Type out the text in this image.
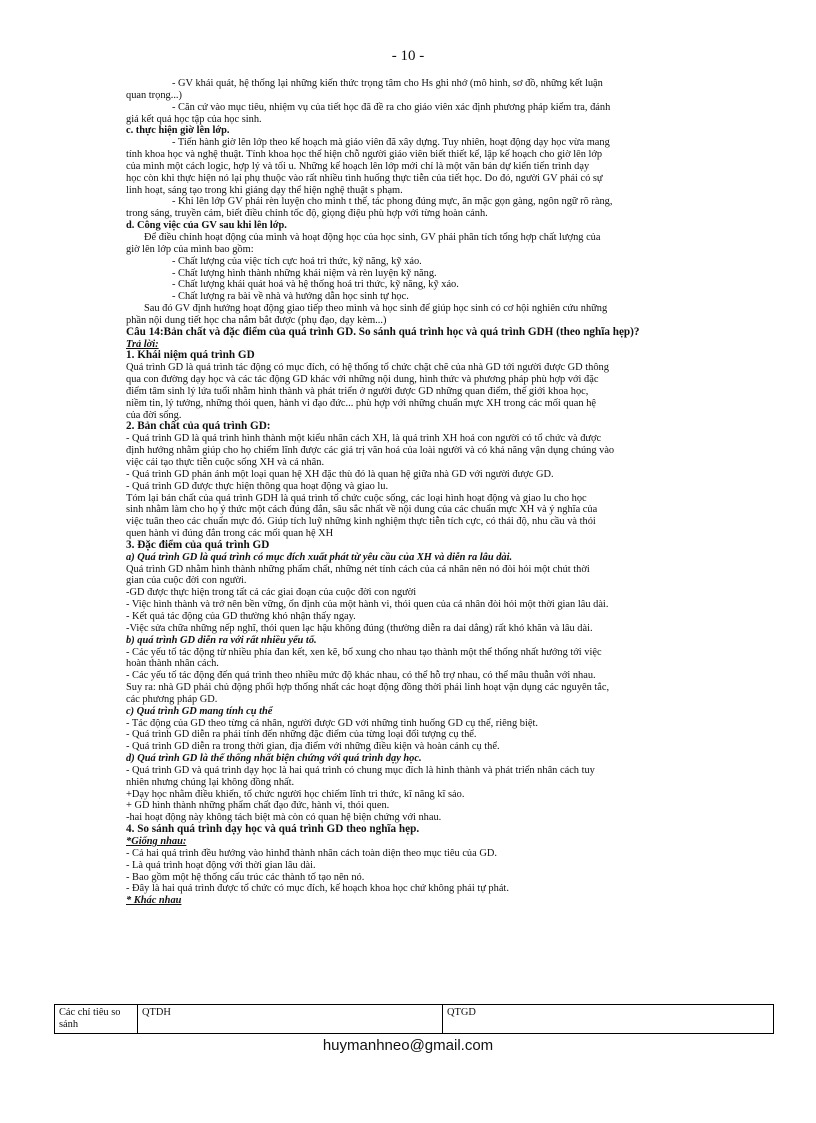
- 10 -

- GV khái quát, hệ thống lại những kiến thức trọng tâm cho Hs ghi nhớ (mô hình, sơ đồ, những kết luận

quan trọng...)

- Căn cứ vào mục tiêu, nhiệm vụ của tiết học đã đề ra cho giáo viên xác định phương pháp kiểm tra, đánh

giá kết quả học tập của học sinh.

c. thực hiện giờ lên lớp.

- Tiến hành giờ lên lớp theo kế hoạch mà giáo viên đã xây dựng. Tuy nhiên, hoạt động dạy học vừa mang

tính khoa học và nghệ thuật. Tính khoa học thể hiện chỗ người giáo viên biết thiết kế, lập kế hoạch cho giờ lên lớp

của mình một cách logic, hợp lý và tối u. Những kế hoạch lên lớp mới chỉ là một văn bản dự kiến tiến trình dạy

học còn khi thực hiện nó lại phụ thuộc vào rất nhiều tình huống thực tiễn của tiết học. Do đó, người GV phải có sự

linh hoạt, sáng tạo trong khi giảng dạy thể hiện nghệ thuật s phạm.

- Khi lên lớp GV phải rèn luyện cho mình t thế, tác phong đúng mực, ăn mặc gọn gàng, ngôn ngữ rõ ràng,

trong sáng, truyền cảm, biết điều chỉnh tốc độ, giọng điệu phù hợp với từng hoàn cảnh.

d. Công việc của GV sau khi lên lớp.

Để điều chỉnh hoạt động của mình và hoạt động học của học sinh, GV phải phân tích tổng hợp chất lượng của

giờ lên lớp của mình bao gồm:

- Chất lượng của việc tích cực hoá tri thức, kỹ năng, kỹ xảo.

- Chất lượng hình thành những khái niệm và rèn luyện kỹ năng.

- Chất lượng khái quát hoá và hệ thống hoá tri thức, kỹ năng, kỹ xảo.

- Chất lượng ra bài về nhà và hướng dẫn học sinh tự học.

Sau đó GV định hướng hoạt động giao tiếp theo mình và học sinh để giúp học sinh có cơ hội nghiên cứu những

phần nội dung tiết học cha nắm bắt được (phụ đạo, dạy kèm...)

Câu 14:Bản chất và đặc điểm của quá trình GD. So sánh quá trình học và quá trình GDH (theo nghĩa hẹp)?

Trả lời:

1. Khái niệm quá trình GD

Quá trình GD là quá trình tác động có mục đích, có hệ thống tổ chức chặt chẽ của nhà GD tới người được GD thông

qua con đường dạy học và các tác động GD khác với những nội dung, hình thức và phương pháp phù hợp với đặc

điểm tâm sinh lý lứa tuổi nhằm hình thành và phát triển ở người được GD những quan điểm, thế giới khoa học,

niềm tin, lý tưởng, những thói quen, hành vi đạo đức... phù hợp với những chuẩn mực XH trong các mối quan hệ

của đời sống.

2. Bản chất của quá trình GD:

- Quá trình GD là quá trình hình thành một kiểu nhân cách XH, là quá trình XH hoá con người có tổ chức và được

định hướng nhằm giúp cho họ chiếm lĩnh được các giá trị văn hoá của loài người và có khả năng vận dụng chúng vào

việc cải tạo thực tiễn cuộc sống XH và cá nhân.

- Quá trình GD phản ánh một loại quan hệ XH đặc thù đó là quan hệ giữa nhà GD với người được GD.

- Quá trình GD được thực hiện thông qua hoạt động và giao lu.

Tóm lại bản chất của quá trình GDH là quá trình tổ chức cuộc sống, các loại hình hoạt động và giao lu cho học

sinh nhằm làm cho họ ý thức một cách đúng đắn, sâu sắc nhất về nội dung của các chuẩn mực XH và ý nghĩa của

việc tuân theo các chuẩn mực đó. Giúp tích luỹ những kinh nghiệm thực tiễn tích cực, có thái độ, nhu cầu và thói

quen hành vi đúng đắn trong các mối quan hệ XH

3. Đặc điểm của quá trình GD

a) Quá trình GD là quá trình có mục đích xuất phát từ yêu cầu của XH và diễn ra lâu dài.

Quá trình GD nhằm hình thành những phẩm chất, những nét tính cách của cá nhân nên nó đòi hỏi một chút thời

gian của cuộc đời con người.

-GD được thực hiện trong tất cả các giai đoạn của cuộc đời con người

- Việc hình thành và trở nên bền vững, ổn định của một hành vi, thói quen của cá nhân đòi hỏi một thời gian lâu dài.

- Kết quả tác động của GD thường khó nhận thấy ngay.

-Việc sửa chữa những nếp nghĩ, thói quen lạc hậu không đúng (thường diễn ra dai dẳng) rất khó khăn và lâu dài.

b) quá trình GD diễn ra với rất nhiều yếu tố.

- Các yếu tố tác động từ nhiều phía đan kết, xen kẽ, bổ xung cho nhau tạo thành một thể thống nhất hướng tới việc

hoàn thành nhân cách.

- Các yếu tố tác động đến quá trình theo nhiều mức độ khác nhau, có thể hỗ trợ nhau, có thể mâu thuẫn với nhau.

Suy ra: nhà GD phải chủ động phối hợp thống nhất các hoạt động đồng thời phải linh hoạt vận dụng các nguyên tắc,

các phương pháp GD.

c) Quá trình GD mang tính cụ thể

- Tác động của GD theo từng cá nhân, người được GD với những tình huống GD cụ thể, riêng biệt.

- Quá trình GD diễn ra phải tính đến những đặc điểm của từng loại đối tượng cụ thể.

- Quá trình GD diễn ra trong thời gian, địa điểm với những điều kiện và hoàn cảnh cụ thể.

d) Quá trình GD là thể thống nhất biện chứng với quá trình dạy học.

- Quá trình GD và quá trình dạy học là hai quá trình có chung mục đích là hình thành và phát triển nhân cách tuy

nhiên nhưng chúng lại không đồng nhất.

+Dạy học nhằm điều khiển, tổ chức người học chiếm lĩnh tri thức, kĩ năng kĩ sảo.

+ GD hình thành những phẩm chất đạo đức, hành vi, thói quen.

-hai hoạt động này không tách biệt mà còn có quan hệ biện chứng với nhau.

4. So sánh quá trình dạy học và quá trình GD theo nghĩa hẹp.

*Giống nhau:

- Cả hai quá trình đều hướng vào hìnhđ thành nhân cách toàn diện theo mục tiêu của GD.

- Là quá trình hoạt động với thời gian lâu dài.

- Bao gồm một hệ thống cấu trúc các thành tố tạo nên nó.

- Đây là hai quá trình được tổ chức có mục đích, kế hoạch khoa học chứ không phải tự phát.

* Khác nhau

Các chỉ tiêu so sánh	QTDH	QTGD
huymanhneo@gmail.com
